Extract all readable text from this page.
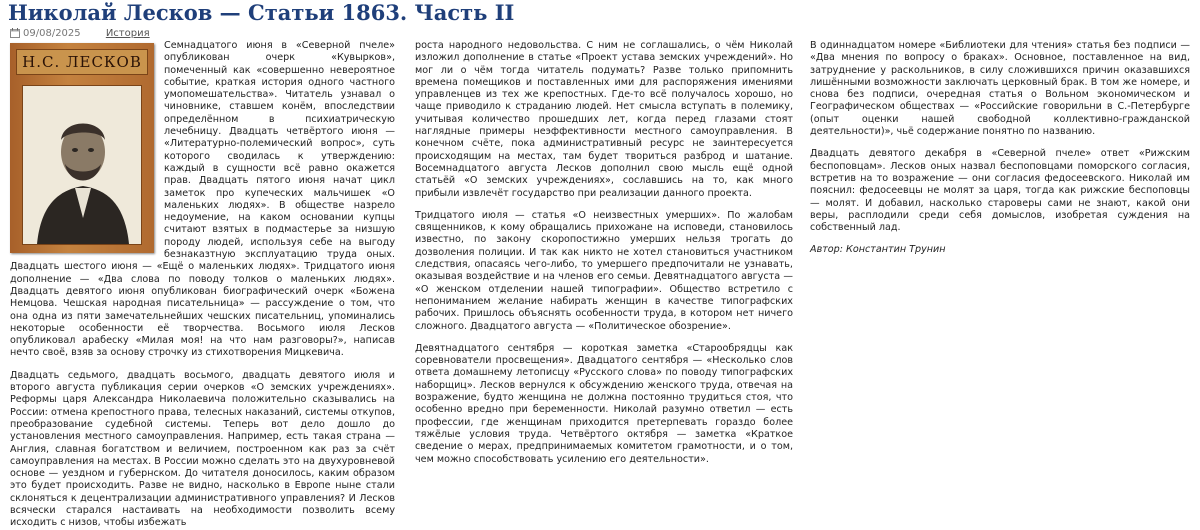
Николай Лесков — Статьи 1863. Часть II
09/08/2025	История
Н.С. ЛЕСКОВ

Семнадцатого июня в «Северной пчеле» опубликован очерк «Кувырков», помеченный как «совершенно невероятное событие, краткая история одного частного умопомешательства». Читатель узнавал о чиновнике, ставшем конём, впоследствии определённом в психиатрическую лечебницу. Двадцать четвёртого июня — «Литературно-полемический вопрос», суть которого сводилась к утверждению: каждый в сущности всё равно окажется прав. Двадцать пятого июня начат цикл заметок про купеческих мальчишек «О маленьких людях». В обществе назрело недоумение, на каком основании купцы считают взятых в подмастерье за низшую породу людей, используя себе на выгоду безнаказтную эксплуатацию труда оных. Двадцать шестого июня — «Ещё о маленьких людях». Тридцатого июня дополнение — «Два слова по поводу толков о маленьких людях». Двадцать девятого июня опубликован биографический очерк «Божена Немцова. Чешская народная писательница» — рассуждение о том, что она одна из пяти замечательнейших чешских писательниц, упоминались некоторые особенности её творчества. Восьмого июля Лесков опубликовал арабеску «Милая моя! на что нам разговоры?», написав нечто своё, взяв за основу строчку из стихотворения Мицкевича.

Двадцать седьмого, двадцать восьмого, двадцать девятого июля и второго августа публикация серии очерков «О земских учреждениях». Реформы царя Александра Николаевича положительно сказывались на России: отмена крепостного права, телесных наказаний, системы откупов, преобразование судебной системы. Теперь вот дело дошло до установления местного самоуправления. Например, есть такая страна — Англия, славная богатством и величием, построенном как раз за счёт самоуправления на местах. В России можно сделать это на двухуровневой основе — уездном и губернском. До читателя доносилось, каким образом это будет происходить. Разве не видно, насколько в Европе ныне стали склоняться к децентрализации административного управления? И Лесков всячески старался настаивать на необходимости позволить всему исходить с низов, чтобы избежать

роста народного недовольства. С ним не соглашались, о чём Николай изложил дополнение в статье «Проект устава земских учреждений». Но мог ли о чём тогда читатель подумать? Разве только припомнить времена помещиков и поставленных ими для распоряжения имениями управленцев из тех же крепостных. Где-то всё получалось хорошо, но чаще приводило к страданию людей. Нет смысла вступать в полемику, учитывая количество прошедших лет, когда перед глазами стоят наглядные примеры неэффективности местного самоуправления. В конечном счёте, пока административный ресурс не заинтересуется происходящим на местах, там будет твориться разброд и шатание. Восемнадцатого августа Лесков дополнил свою мысль ещё одной статьёй «О земских учреждениях», сославшись на то, как много прибыли извлечёт государство при реализации данного проекта.

Тридцатого июля — статья «О неизвестных умерших». По жалобам священников, к кому обращались прихожане на исповеди, становилось известно, по закону скоропостижно умерших нельзя трогать до дозволения полиции. И так как никто не хотел становиться участником следствия, опасаясь чего-либо, то умершего предпочитали не узнавать, оказывая воздействие и на членов его семьи. Девятнадцатого августа — «О женском отделении нашей типографии». Общество встретило с непониманием желание набирать женщин в качестве типографских рабочих. Пришлось объяснять особенности труда, в котором нет ничего сложного. Двадцатого августа — «Политическое обозрение».

Девятнадцатого сентября — короткая заметка «Старообрядцы как соревнователи просвещения». Двадцатого сентября — «Несколько слов ответа домашнему летописцу «Русского слова» по поводу типографских наборщиц». Лесков вернулся к обсуждению женского труда, отвечая на возражение, будто женщина не должна постоянно трудиться стоя, что особенно вредно при беременности. Николай разумно ответил — есть профессии, где женщинам приходится претерпевать гораздо более тяжёлые условия труда. Четвёртого октября — заметка «Краткое сведение о мерах, предпринимаемых комитетом грамотности, и о том, чем можно способствовать усилению его деятельности».

В одиннадцатом номере «Библиотеки для чтения» статья без подписи — «Два мнения по вопросу о браках». Основное, поставленное на вид, затруднение у раскольников, в силу сложившихся причин оказавшихся лишёнными возможности заключать церковный брак. В том же номере, и снова без подписи, очередная статья о Вольном экономическом и Географическом обществах — «Российские говорильни в С.-Петербурге (опыт оценки нашей свободной коллективно-гражданской деятельности)», чьё содержание понятно по названию.

Двадцать девятого декабря в «Северной пчеле» ответ «Рижским беспоповцам». Лесков оных назвал беспоповцами поморского согласия, встретив на то возражение — они согласия федосеевского. Николай им пояснил: федосеевцы не молят за царя, тогда как рижские беспоповцы — молят. И добавил, насколько староверы сами не знают, какой они веры, расплодили среди себя домыслов, изобретая суждения на собственный лад.

Автор: Константин Трунин
